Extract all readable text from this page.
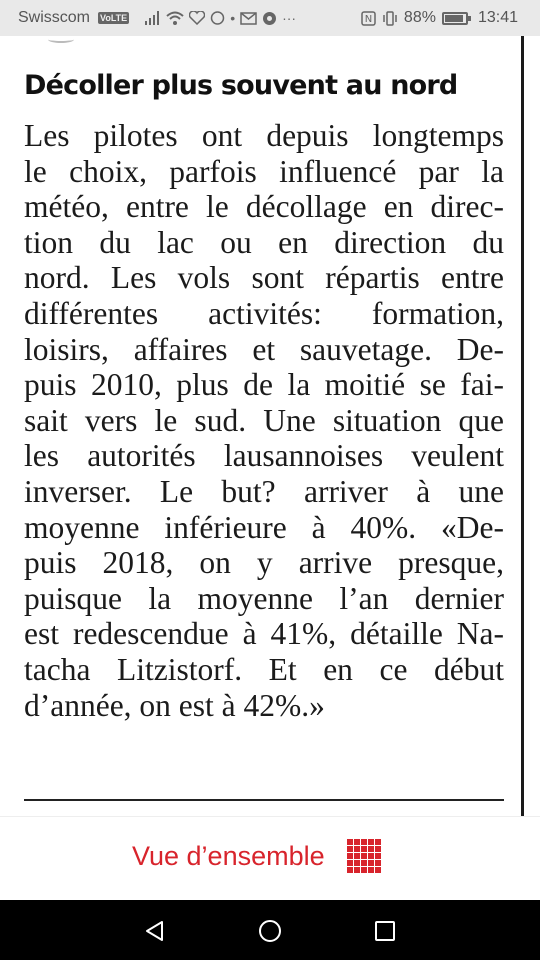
Swisscom VoLTE	•	···	N 88%	13:41
Décoller plus souvent au nord
Les pilotes ont depuis longtemps
le choix, parfois influencé par la
météo, entre le décollage en direc-
tion du lac ou en direction du
nord. Les vols sont répartis entre
différentes activités: formation,
loisirs, affaires et sauvetage. De-
puis 2010, plus de la moitié se fai-
sait vers le sud. Une situation que
les autorités lausannoises veulent
inverser. Le but? arriver à une
moyenne inférieure à 40%. «De-
puis 2018, on y arrive presque,
puisque la moyenne l’an dernier
est redescendue à 41%, détaille Na-
tacha Litzistorf. Et en ce début
d’année, on est à 42%.»
Vue d’ensemble
